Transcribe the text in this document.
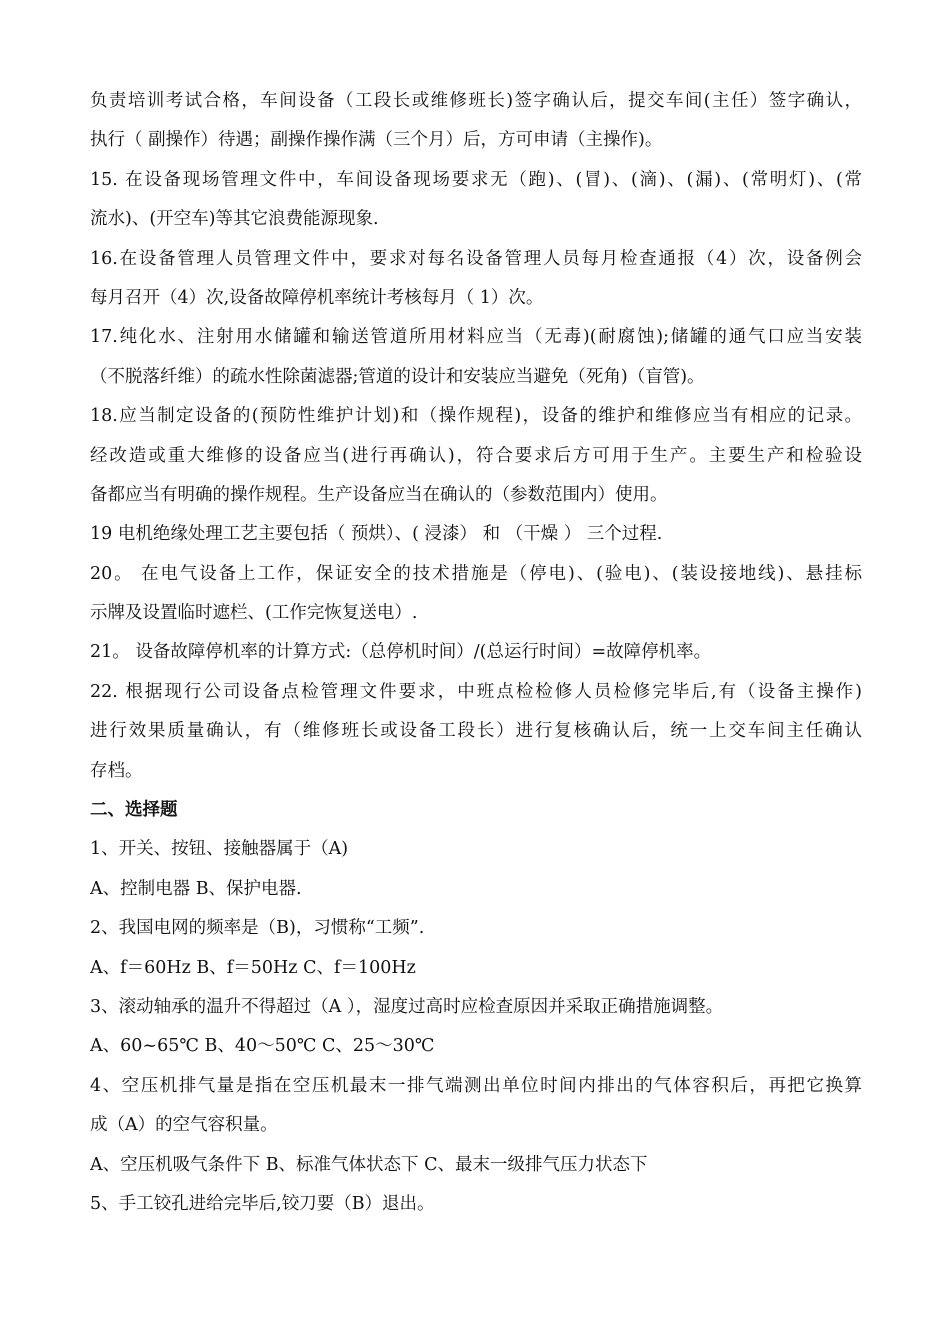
负责培训考试合格，车间设备（工段长或维修班长)签字确认后，提交车间(主任）签字确认，
执行（ 副操作）待遇；副操作操作满（三个月）后，方可申请（主操作)。
15. 在设备现场管理文件中，车间设备现场要求无（跑)、(冒)、(滴)、(漏)、(常明灯)、(常
流水)、(开空车)等其它浪费能源现象.
16.在设备管理人员管理文件中，要求对每名设备管理人员每月检查通报（4）次，设备例会
每月召开（4）次,设备故障停机率统计考核每月（ 1）次。
17.纯化水、注射用水储罐和输送管道所用材料应当（无毒)(耐腐蚀);储罐的通气口应当安装
（不脱落纤维）的疏水性除菌滤器;管道的设计和安装应当避免（死角)（盲管)。
18.应当制定设备的(预防性维护计划)和（操作规程)，设备的维护和维修应当有相应的记录。
经改造或重大维修的设备应当(进行再确认)，符合要求后方可用于生产。主要生产和检验设
备都应当有明确的操作规程。生产设备应当在确认的（参数范围内）使用。
19 电机绝缘处理工艺主要包括（ 预烘）、( 浸漆） 和 （干燥 ） 三个过程.
20。 在电气设备上工作，保证安全的技术措施是（停电)、(验电)、(装设接地线)、悬挂标
示牌及设置临时遮栏、(工作完恢复送电）.
21。 设备故障停机率的计算方式:（总停机时间）/(总运行时间）=故障停机率。
22. 根据现行公司设备点检管理文件要求，中班点检检修人员检修完毕后,有（设备主操作)
进行效果质量确认，有（维修班长或设备工段长）进行复核确认后，统一上交车间主任确认
存档。
二、选择题
1、开关、按钮、接触器属于（A)
A、控制电器 B、保护电器.
2、我国电网的频率是（B)，习惯称“工频”.
A、f＝60Hz B、f＝50Hz C、f＝100Hz
3、滚动轴承的温升不得超过（A ），湿度过高时应检查原因并采取正确措施调整。
A、60~65℃ B、40～50℃ C、25～30℃
4、空压机排气量是指在空压机最末一排气端测出单位时间内排出的气体容积后，再把它换算
成（A）的空气容积量。
A、空压机吸气条件下 B、标准气体状态下 C、最末一级排气压力状态下
5、手工铰孔进给完毕后,铰刀要（B）退出。
